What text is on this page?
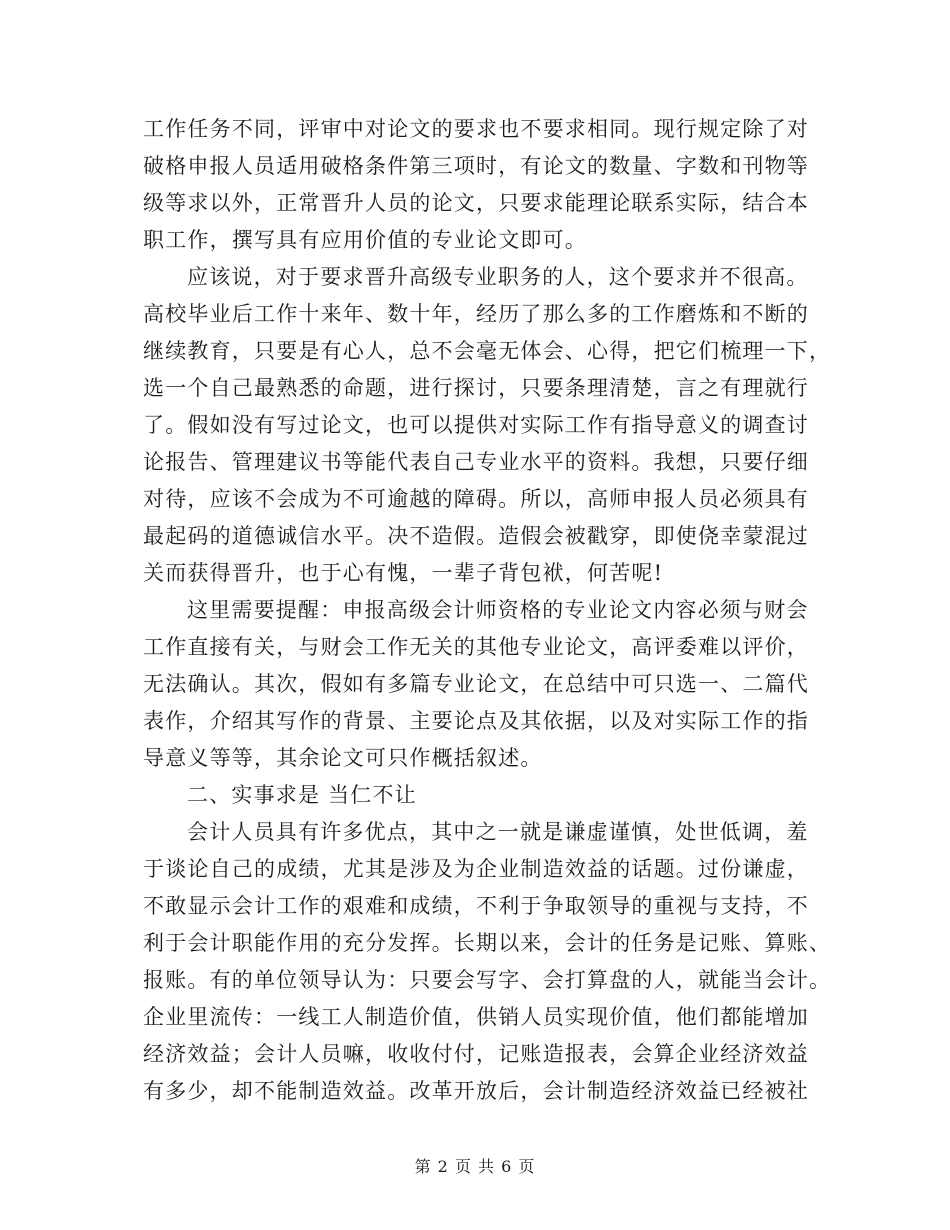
工作任务不同，评审中对论文的要求也不要求相同。现行规定除了对
破格申报人员适用破格条件第三项时，有论文的数量、字数和刊物等
级等求以外，正常晋升人员的论文，只要求能理论联系实际，结合本
职工作，撰写具有应用价值的专业论文即可。
应该说，对于要求晋升高级专业职务的人，这个要求并不很高。
高校毕业后工作十来年、数十年，经历了那么多的工作磨炼和不断的
继续教育，只要是有心人，总不会毫无体会、心得，把它们梳理一下，
选一个自己最熟悉的命题，进行探讨，只要条理清楚，言之有理就行
了。假如没有写过论文，也可以提供对实际工作有指导意义的调查讨
论报告、管理建议书等能代表自己专业水平的资料。我想，只要仔细
对待，应该不会成为不可逾越的障碍。所以，高师申报人员必须具有
最起码的道德诚信水平。决不造假。造假会被戳穿，即使侥幸蒙混过
关而获得晋升，也于心有愧，一辈子背包袱，何苦呢!
这里需要提醒：申报高级会计师资格的专业论文内容必须与财会
工作直接有关，与财会工作无关的其他专业论文，高评委难以评价，
无法确认。其次，假如有多篇专业论文，在总结中可只选一、二篇代
表作，介绍其写作的背景、主要论点及其依据，以及对实际工作的指
导意义等等，其余论文可只作概括叙述。
二、实事求是 当仁不让
会计人员具有许多优点，其中之一就是谦虚谨慎，处世低调，羞
于谈论自己的成绩，尤其是涉及为企业制造效益的话题。过份谦虚，
不敢显示会计工作的艰难和成绩，不利于争取领导的重视与支持，不
利于会计职能作用的充分发挥。长期以来，会计的任务是记账、算账、
报账。有的单位领导认为：只要会写字、会打算盘的人，就能当会计。
企业里流传：一线工人制造价值，供销人员实现价值，他们都能增加
经济效益；会计人员嘛，收收付付，记账造报表，会算企业经济效益
有多少，却不能制造效益。改革开放后，会计制造经济效益已经被社
第 2 页 共 6 页
